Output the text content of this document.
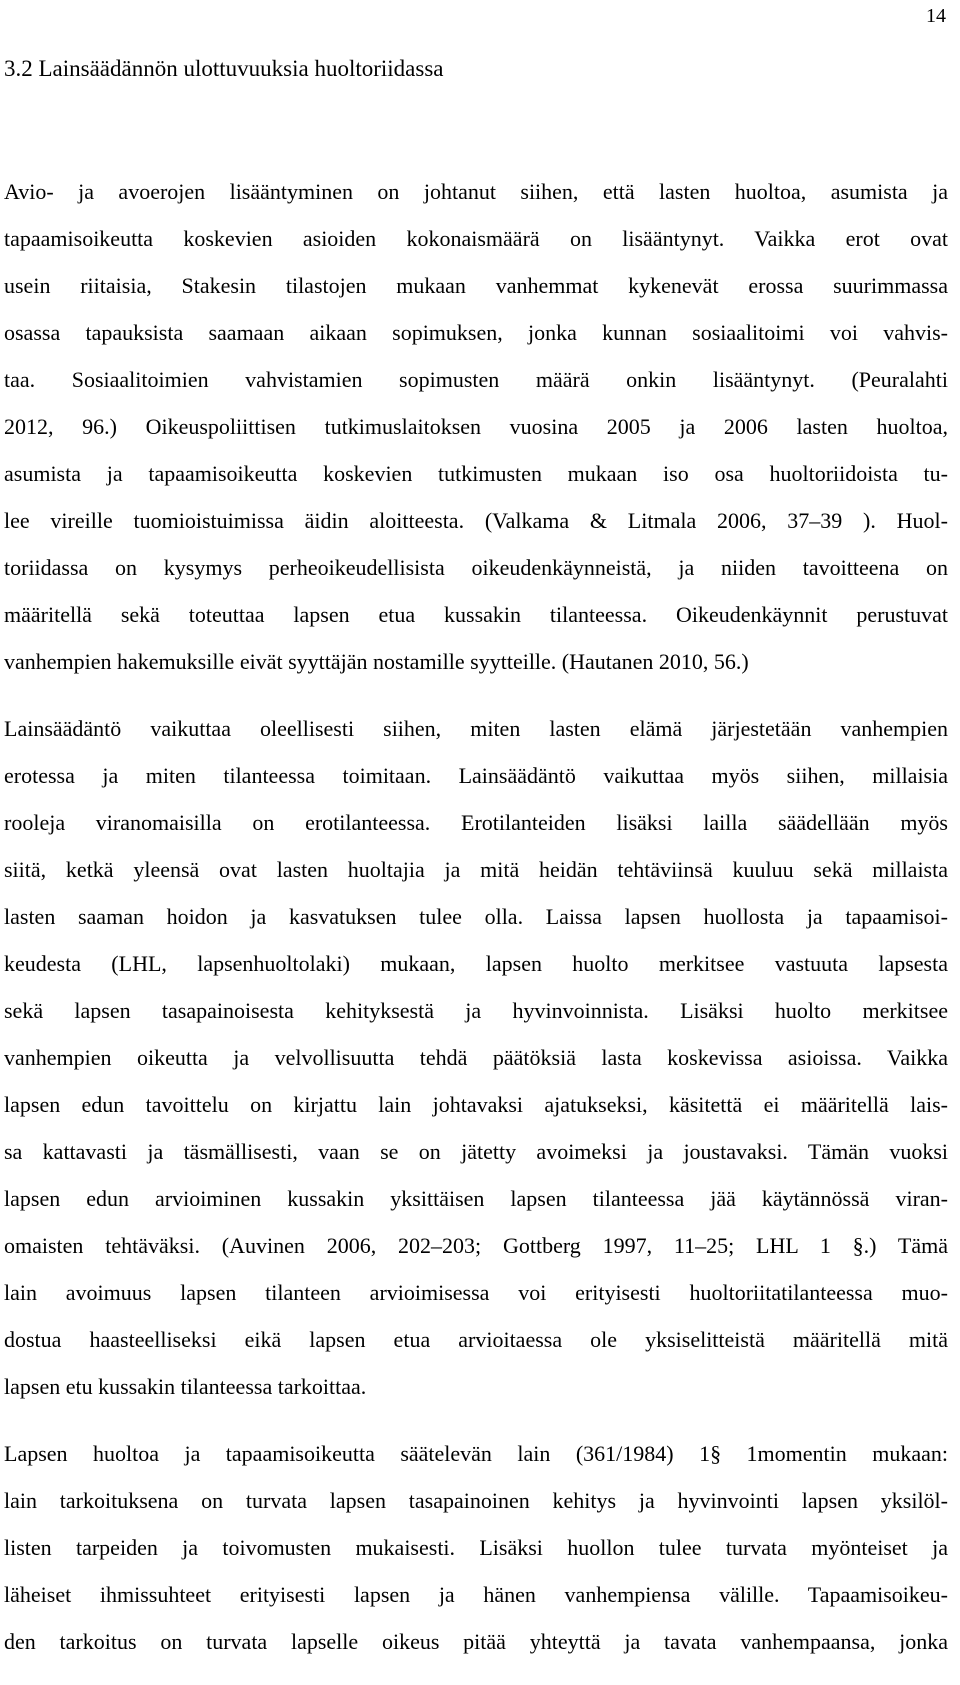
14
3.2 Lainsäädännön ulottuvuuksia huoltoriidassa
Avio- ja avoerojen lisääntyminen on johtanut siihen, että lasten huoltoa, asumista ja
tapaamisoikeutta koskevien asioiden kokonaismäärä on lisääntynyt. Vaikka erot ovat
usein riitaisia, Stakesin tilastojen mukaan vanhemmat kykenevät erossa suurimmassa
osassa tapauksista saamaan aikaan sopimuksen, jonka kunnan sosiaalitoimi voi vahvis-
taa. Sosiaalitoimien vahvistamien sopimusten määrä onkin lisääntynyt. (Peuralahti
2012, 96.) Oikeuspoliittisen tutkimuslaitoksen vuosina 2005 ja 2006 lasten huoltoa,
asumista ja tapaamisoikeutta koskevien tutkimusten mukaan iso osa huoltoriidoista tu-
lee vireille tuomioistuimissa äidin aloitteesta. (Valkama & Litmala 2006, 37‒39 ). Huol-
toriidassa on kysymys perheoikeudellisista oikeudenkäynneistä, ja niiden tavoitteena on
määritellä sekä toteuttaa lapsen etua kussakin tilanteessa. Oikeudenkäynnit perustuvat
vanhempien hakemuksille eivät syyttäjän nostamille syytteille. (Hautanen 2010, 56.)
Lainsäädäntö vaikuttaa oleellisesti siihen, miten lasten elämä järjestetään vanhempien
erotessa ja miten tilanteessa toimitaan. Lainsäädäntö vaikuttaa myös siihen, millaisia
rooleja viranomaisilla on erotilanteessa. Erotilanteiden lisäksi lailla säädellään myös
siitä, ketkä yleensä ovat lasten huoltajia ja mitä heidän tehtäviinsä kuuluu sekä millaista
lasten saaman hoidon ja kasvatuksen tulee olla. Laissa lapsen huollosta ja tapaamisoi-
keudesta (LHL, lapsenhuoltolaki) mukaan, lapsen huolto merkitsee vastuuta lapsesta
sekä lapsen tasapainoisesta kehityksestä ja hyvinvoinnista. Lisäksi huolto merkitsee
vanhempien oikeutta ja velvollisuutta tehdä päätöksiä lasta koskevissa asioissa. Vaikka
lapsen edun tavoittelu on kirjattu lain johtavaksi ajatukseksi, käsitettä ei määritellä lais-
sa kattavasti ja täsmällisesti, vaan se on jätetty avoimeksi ja joustavaksi. Tämän vuoksi
lapsen edun arvioiminen kussakin yksittäisen lapsen tilanteessa jää käytännössä viran-
omaisten tehtäväksi. (Auvinen 2006, 202‒203; Gottberg 1997, 11‒25; LHL 1 §.) Tämä
lain avoimuus lapsen tilanteen arvioimisessa voi erityisesti huoltoriitatilanteessa muo-
dostua haasteelliseksi eikä lapsen etua arvioitaessa ole yksiselitteistä määritellä mitä
lapsen etu kussakin tilanteessa tarkoittaa.
Lapsen huoltoa ja tapaamisoikeutta säätelevän lain (361/1984) 1§ 1momentin mukaan:
lain tarkoituksena on turvata lapsen tasapainoinen kehitys ja hyvinvointi lapsen yksilöl-
listen tarpeiden ja toivomusten mukaisesti. Lisäksi huollon tulee turvata myönteiset ja
läheiset ihmissuhteet erityisesti lapsen ja hänen vanhempiensa välille. Tapaamisoikeu-
den tarkoitus on turvata lapselle oikeus pitää yhteyttä ja tavata vanhempaansa, jonka
